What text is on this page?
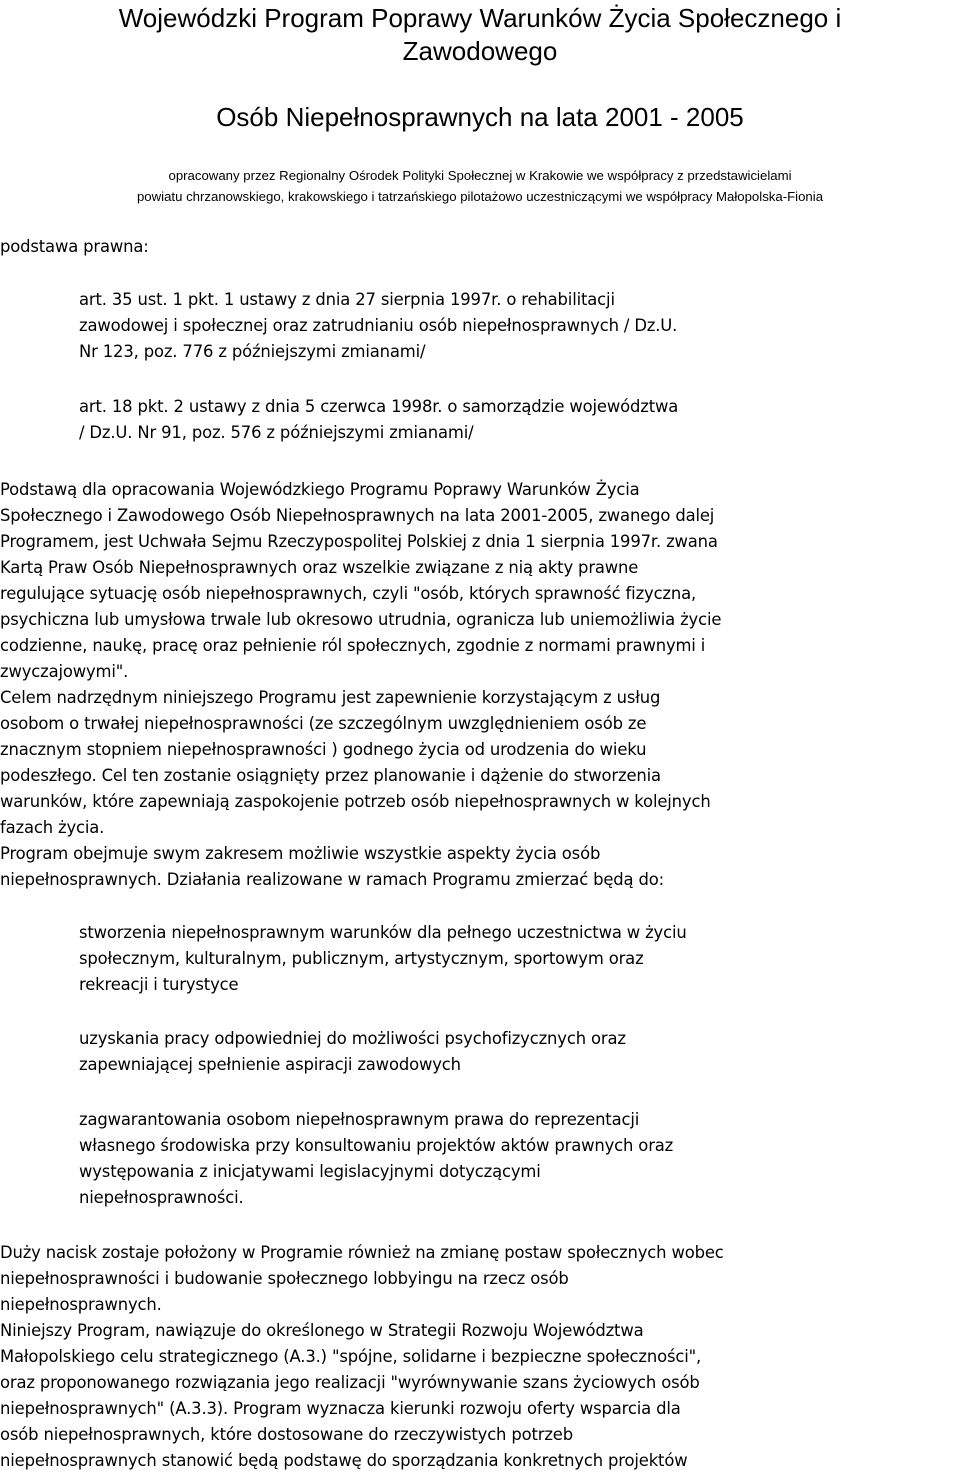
Wojewódzki Program Poprawy Warunków Życia Społecznego i
Zawodowego
Osób Niepełnosprawnych na lata 2001 - 2005
opracowany przez Regionalny Ośrodek Polityki Społecznej w Krakowie we współpracy z przedstawicielami
powiatu chrzanowskiego, krakowskiego i tatrzańskiego pilotażowo uczestniczącymi we współpracy Małopolska-Fionia

podstawa prawna:

art. 35 ust. 1 pkt. 1 ustawy z dnia 27 sierpnia 1997r. o rehabilitacji
zawodowej i społecznej oraz zatrudnianiu osób niepełnosprawnych / Dz.U.
Nr 123, poz. 776 z późniejszymi zmianami/
art. 18 pkt. 2 ustawy z dnia 5 czerwca 1998r. o samorządzie województwa
/ Dz.U. Nr 91, poz. 576 z późniejszymi zmianami/
Podstawą dla opracowania Wojewódzkiego Programu Poprawy Warunków Życia
Społecznego i Zawodowego Osób Niepełnosprawnych na lata 2001-2005, zwanego dalej
Programem, jest Uchwała Sejmu Rzeczypospolitej Polskiej z dnia 1 sierpnia 1997r. zwana
Kartą Praw Osób Niepełnosprawnych oraz wszelkie związane z nią akty prawne
regulujące sytuację osób niepełnosprawnych, czyli "osób, których sprawność fizyczna,
psychiczna lub umysłowa trwale lub okresowo utrudnia, ogranicza lub uniemożliwia życie
codzienne, naukę, pracę oraz pełnienie ról społecznych, zgodnie z normami prawnymi i
zwyczajowymi".
Celem nadrzędnym niniejszego Programu jest zapewnienie korzystającym z usług
osobom o trwałej niepełnosprawności (ze szczególnym uwzględnieniem osób ze
znacznym stopniem niepełnosprawności ) godnego życia od urodzenia do wieku
podeszłego. Cel ten zostanie osiągnięty przez planowanie i dążenie do stworzenia
warunków, które zapewniają zaspokojenie potrzeb osób niepełnosprawnych w kolejnych
fazach życia.
Program obejmuje swym zakresem możliwie wszystkie aspekty życia osób
niepełnosprawnych. Działania realizowane w ramach Programu zmierzać będą do:
stworzenia niepełnosprawnym warunków dla pełnego uczestnictwa w życiu
społecznym, kulturalnym, publicznym, artystycznym, sportowym oraz
rekreacji i turystyce
uzyskania pracy odpowiedniej do możliwości psychofizycznych oraz
zapewniającej spełnienie aspiracji zawodowych
zagwarantowania osobom niepełnosprawnym prawa do reprezentacji
własnego środowiska przy konsultowaniu projektów aktów prawnych oraz
występowania z inicjatywami legislacyjnymi dotyczącymi
niepełnosprawności.
Duży nacisk zostaje położony w Programie również na zmianę postaw społecznych wobec
niepełnosprawności i budowanie społecznego lobbyingu na rzecz osób
niepełnosprawnych.
Niniejszy Program, nawiązuje do określonego w Strategii Rozwoju Województwa
Małopolskiego celu strategicznego (A.3.) "spójne, solidarne i bezpieczne społeczności",
oraz proponowanego rozwiązania jego realizacji "wyrównywanie szans życiowych osób
niepełnosprawnych" (A.3.3). Program wyznacza kierunki rozwoju oferty wsparcia dla
osób niepełnosprawnych, które dostosowane do rzeczywistych potrzeb
niepełnosprawnych stanowić będą podstawę do sporządzania konkretnych projektów
